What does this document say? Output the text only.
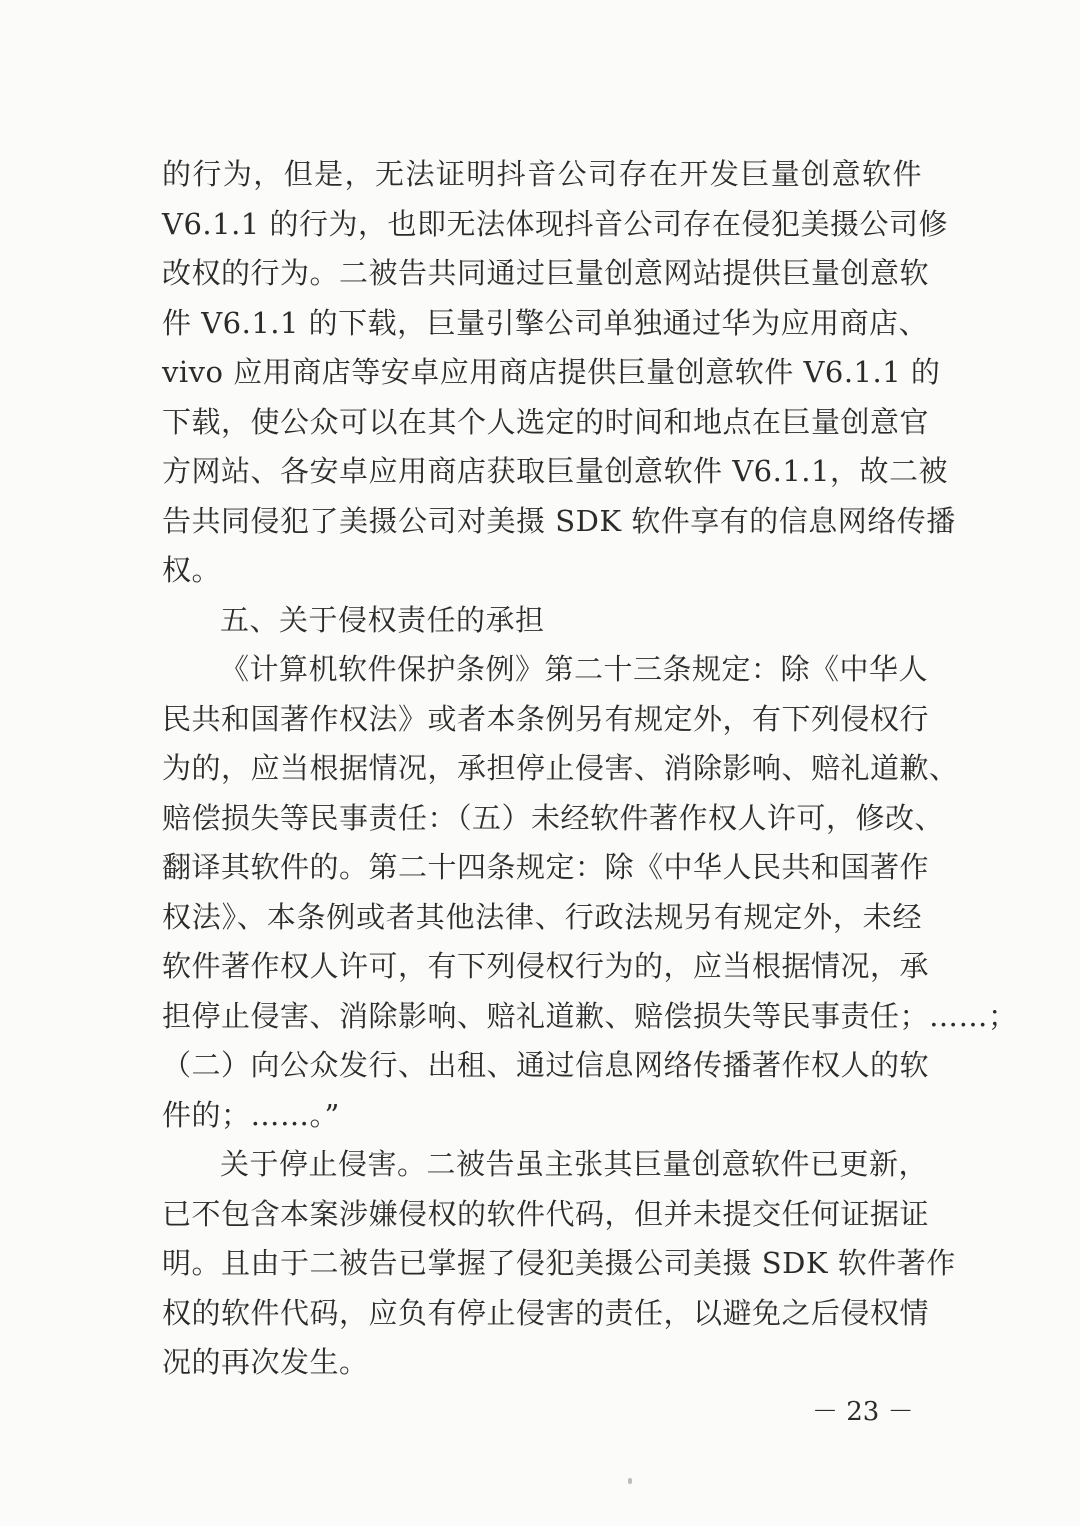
的行为，但是，无法证明抖音公司存在开发巨量创意软件
V6.1.1 的行为，也即无法体现抖音公司存在侵犯美摄公司修
改权的行为。二被告共同通过巨量创意网站提供巨量创意软
件 V6.1.1 的下载，巨量引擎公司单独通过华为应用商店、
vivo 应用商店等安卓应用商店提供巨量创意软件 V6.1.1 的
下载，使公众可以在其个人选定的时间和地点在巨量创意官
方网站、各安卓应用商店获取巨量创意软件 V6.1.1，故二被
告共同侵犯了美摄公司对美摄 SDK 软件享有的信息网络传播
权。
五、关于侵权责任的承担
《计算机软件保护条例》第二十三条规定：除《中华人
民共和国著作权法》或者本条例另有规定外，有下列侵权行
为的，应当根据情况，承担停止侵害、消除影响、赔礼道歉、
赔偿损失等民事责任：（五）未经软件著作权人许可，修改、
翻译其软件的。第二十四条规定：除《中华人民共和国著作
权法》、本条例或者其他法律、行政法规另有规定外，未经
软件著作权人许可，有下列侵权行为的，应当根据情况，承
担停止侵害、消除影响、赔礼道歉、赔偿损失等民事责任；……；
（二）向公众发行、出租、通过信息网络传播著作权人的软
件的；……。”
关于停止侵害。二被告虽主张其巨量创意软件已更新，
已不包含本案涉嫌侵权的软件代码，但并未提交任何证据证
明。且由于二被告已掌握了侵犯美摄公司美摄 SDK 软件著作
权的软件代码，应负有停止侵害的责任，以避免之后侵权情
况的再次发生。
－ 23 －
